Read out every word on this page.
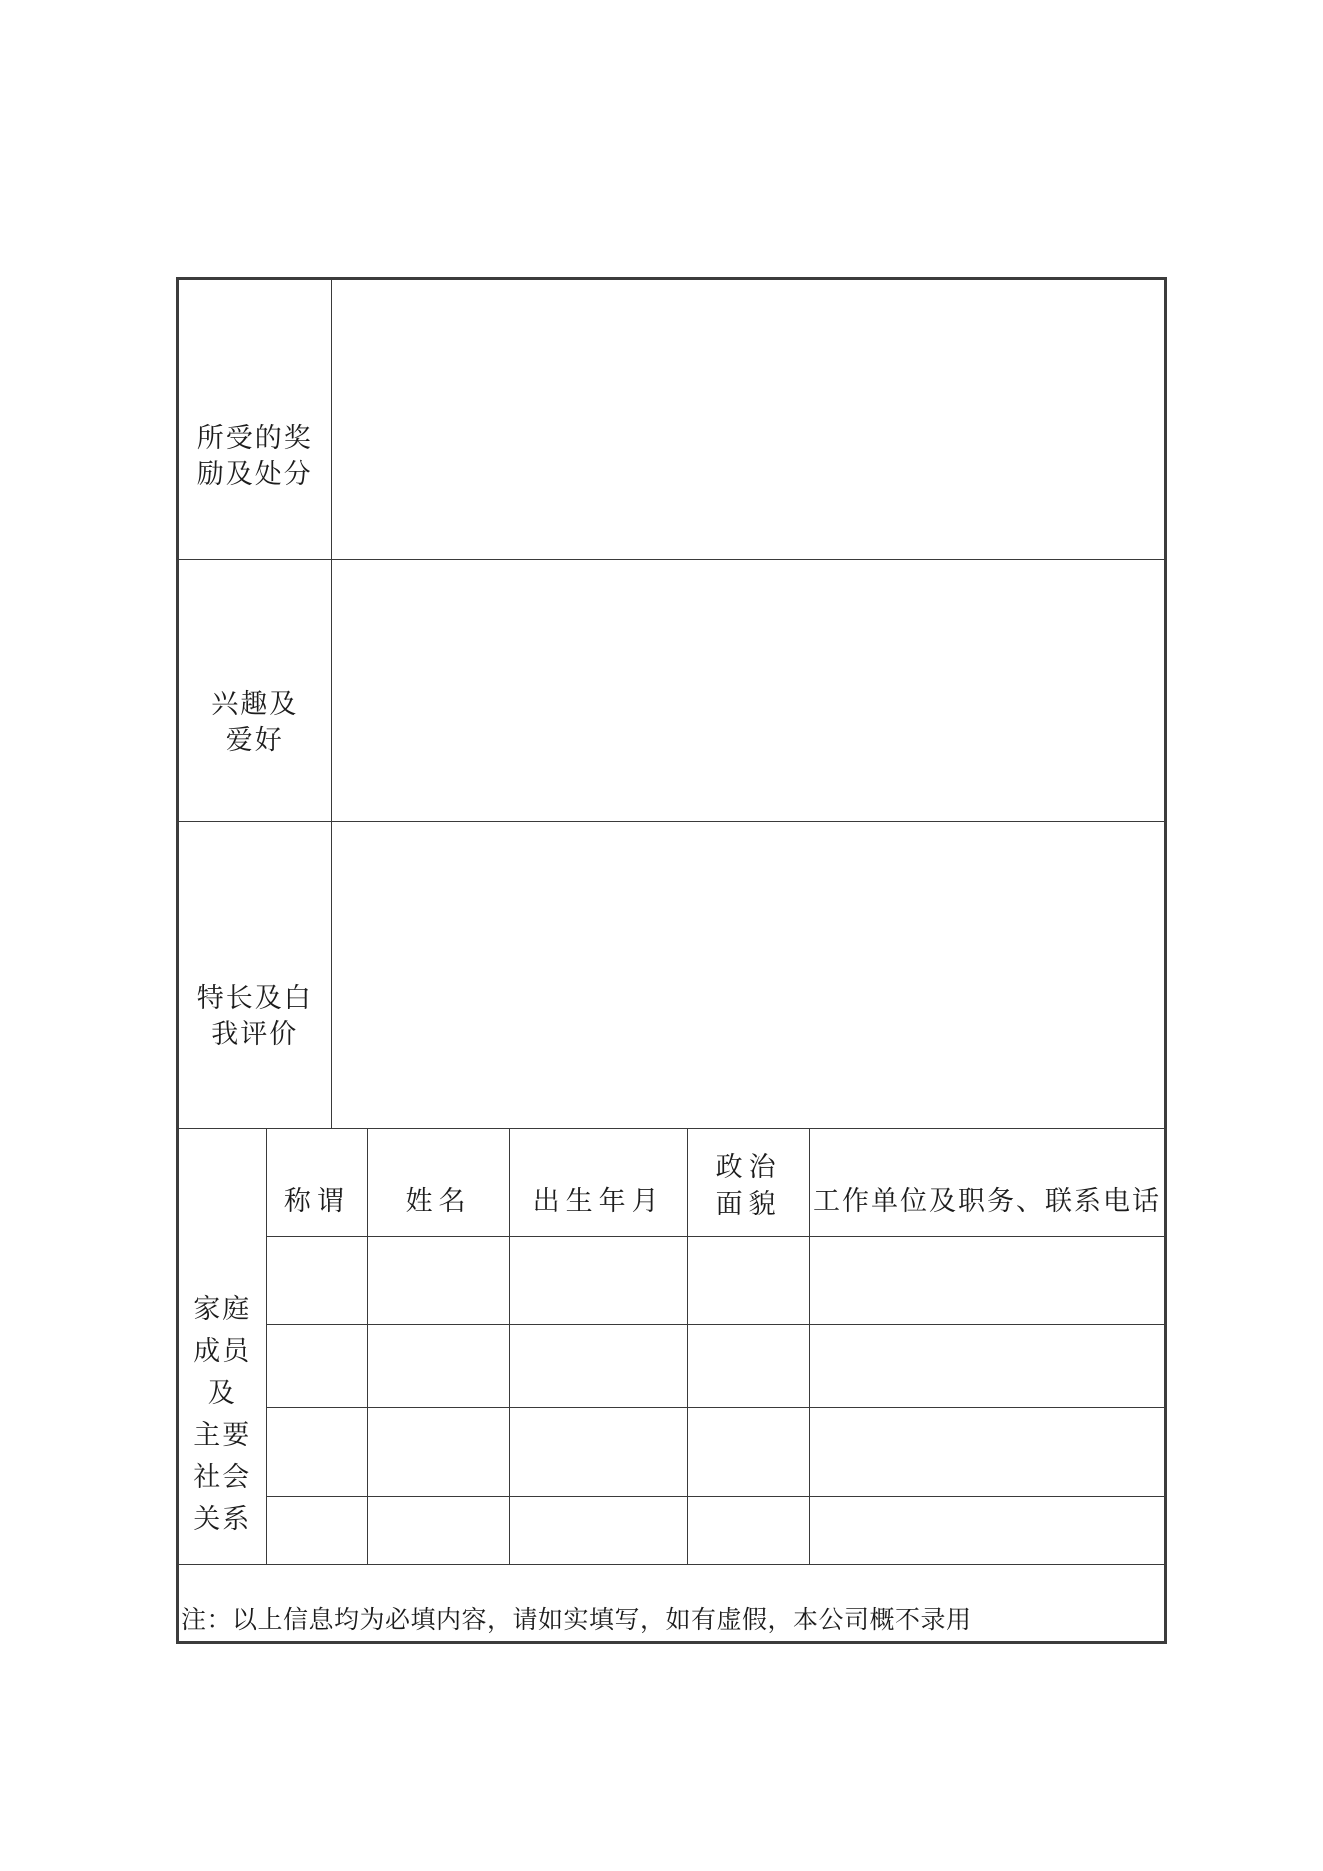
所受的奖
励及处分
兴趣及
爱好
特长及白
我评价
家庭
成员
及
主要
社会
关系
称谓 姓名 出生年月
政治
面貌 工作单位及职务、联系电话
注：以上信息均为必填内容，请如实填写，如有虚假，本公司概不录用
